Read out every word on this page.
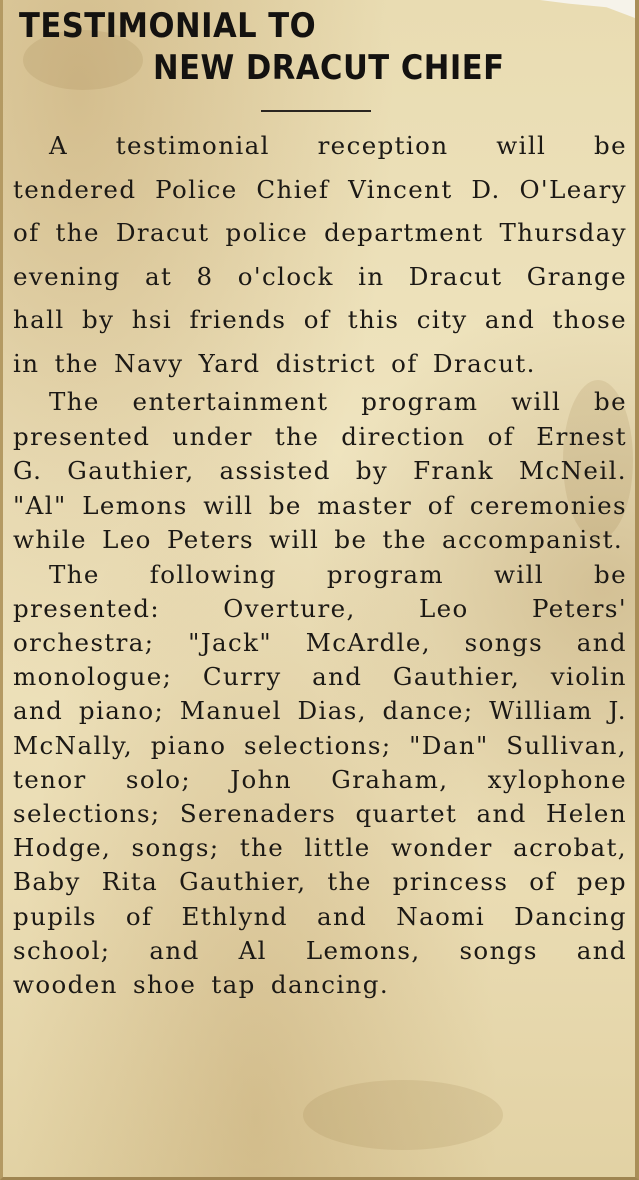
TESTIMONIAL TO
NEW DRACUT CHIEF

A testimonial reception will be tendered Police Chief Vincent D. O'Leary of the Dracut police department Thursday evening at 8 o'clock in Dracut Grange hall by hsi friends of this city and those in the Navy Yard district of Dracut.

The entertainment program will be presented under the direction of Ernest G. Gauthier, assisted by Frank McNeil. "Al" Lemons will be master of ceremonies while Leo Peters will be the accompanist.

The following program will be presented: Overture, Leo Peters' orchestra; "Jack" McArdle, songs and monologue; Curry and Gauthier, violin and piano; Manuel Dias, dance; William J. McNally, piano selections; "Dan" Sullivan, tenor solo; John Graham, xylophone selections; Serenaders quartet and Helen Hodge, songs; the little wonder acrobat, Baby Rita Gauthier, the princess of pep pupils of Ethlynd and Naomi Dancing school; and Al Lemons, songs and wooden shoe tap dancing.
